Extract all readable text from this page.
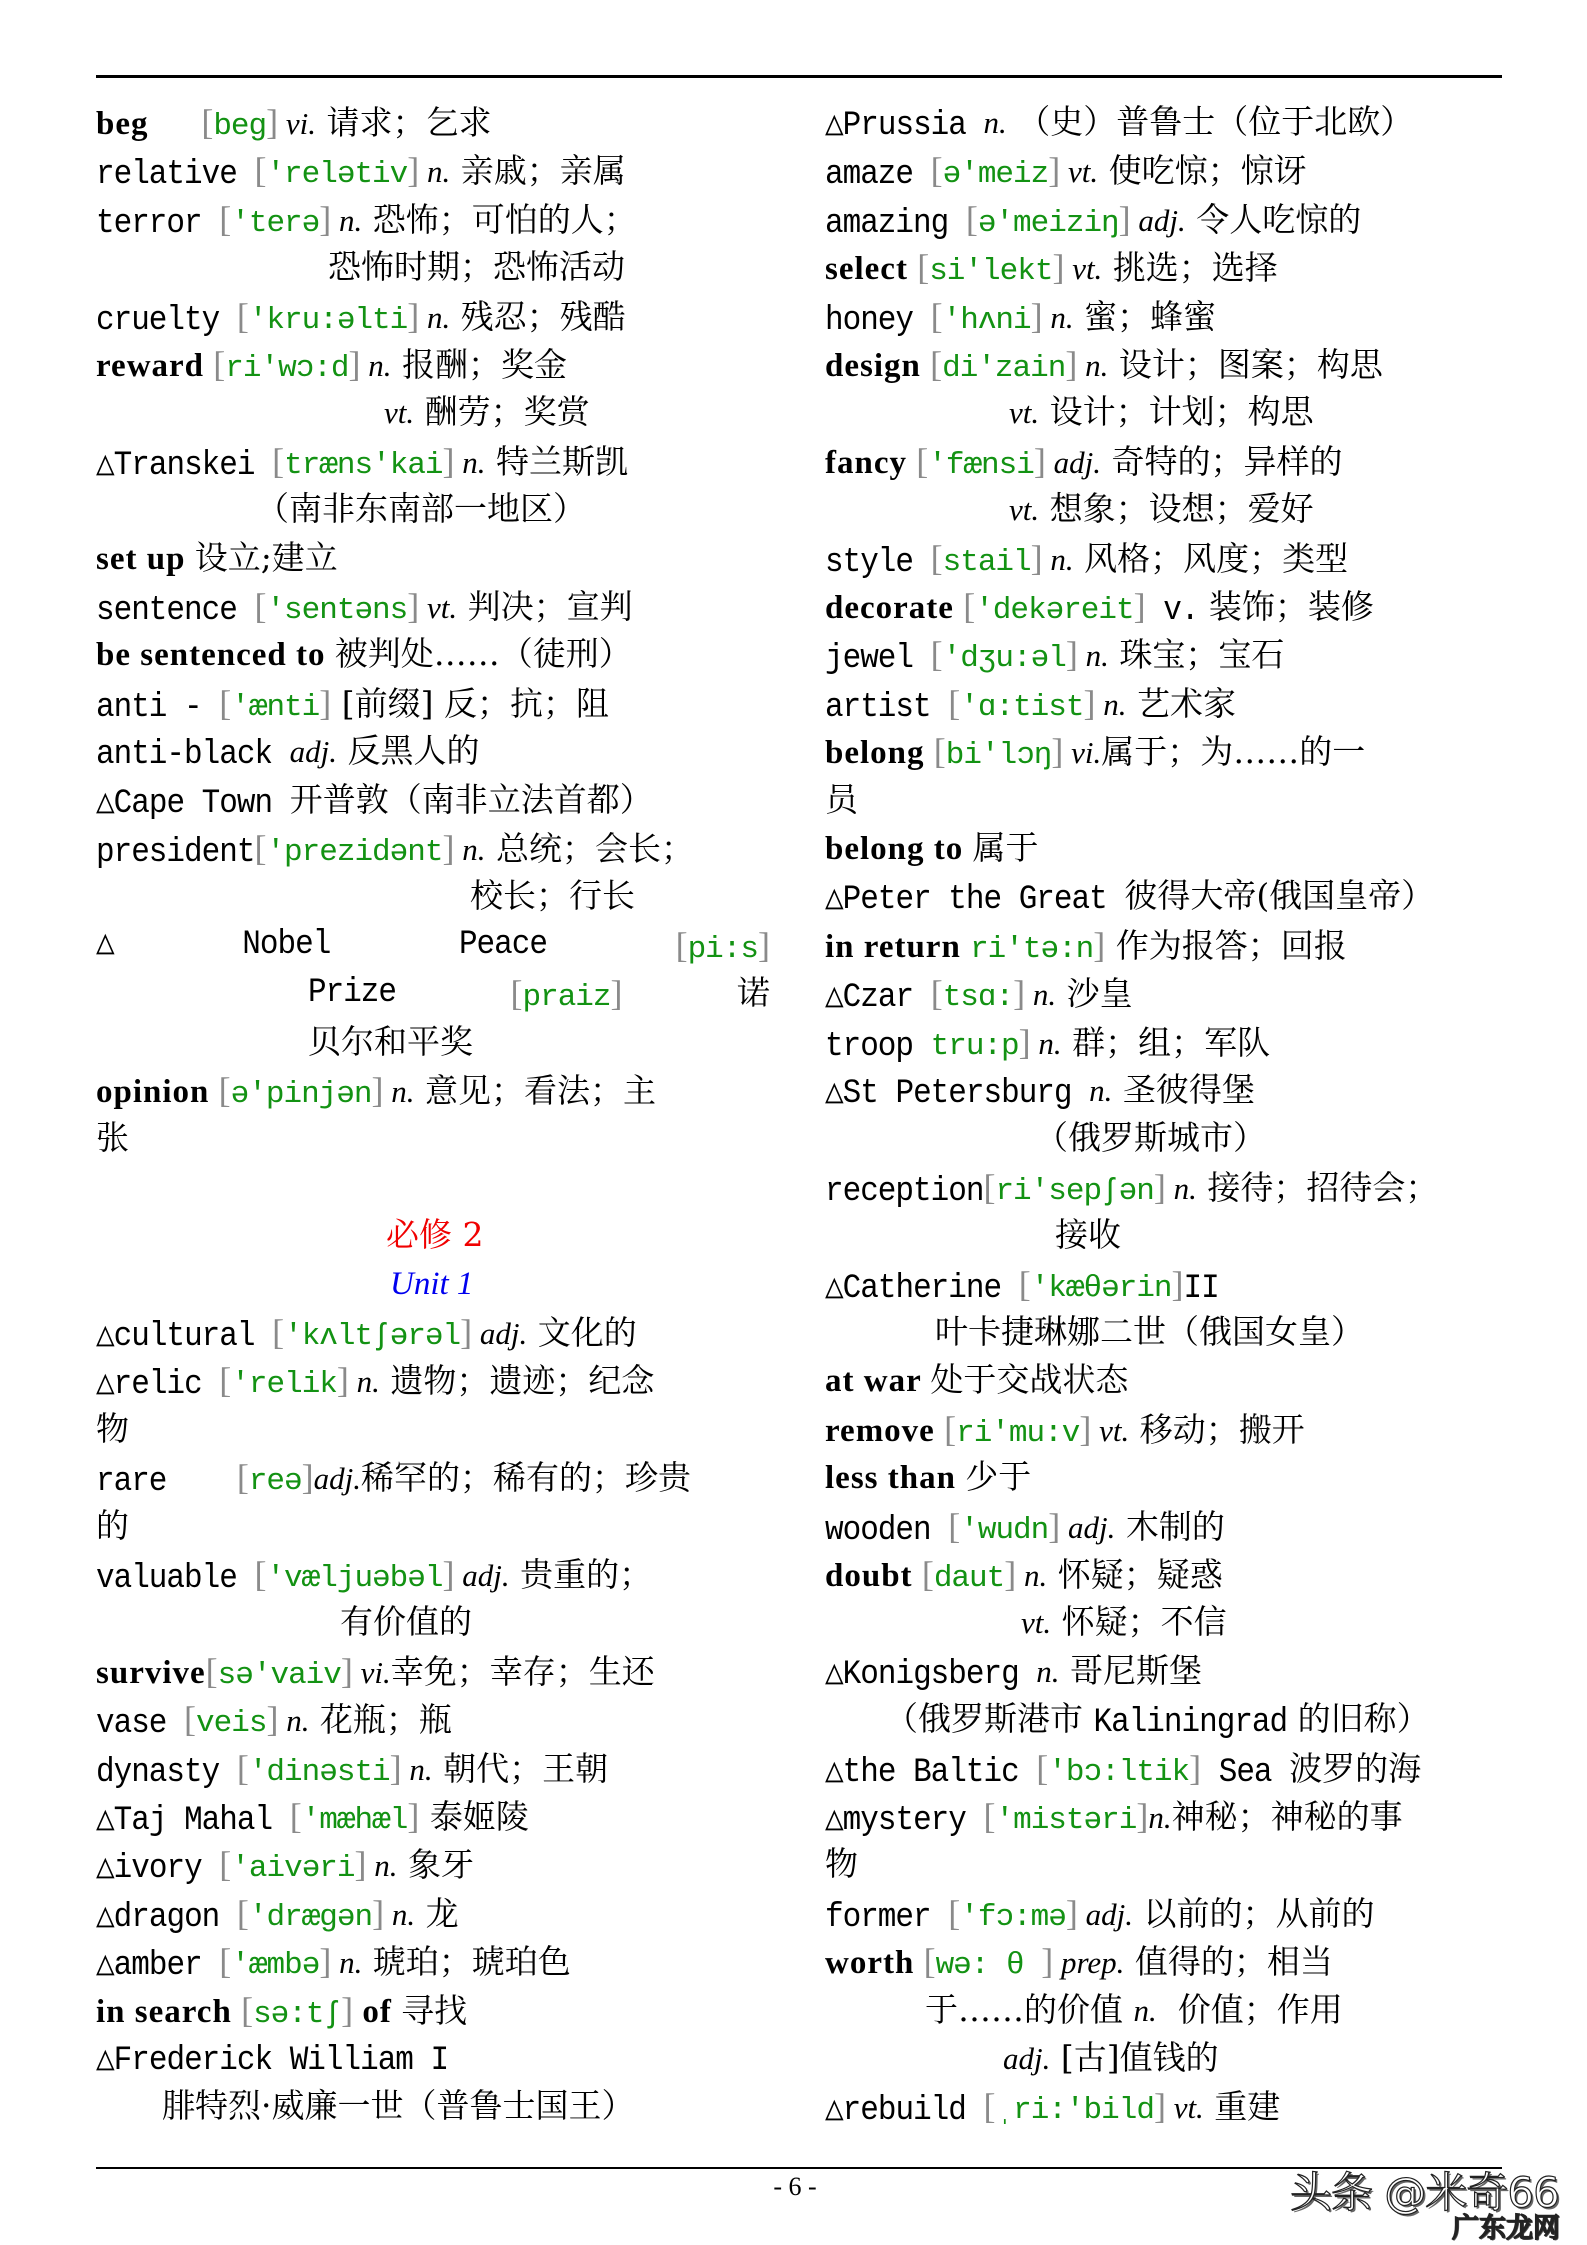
beg [beg] vi. 请求；乞求
relative ['relətiv] n. 亲戚；亲属
terror ['terə] n. 恐怖；可怕的人；
恐怖时期；恐怖活动
cruelty ['kru:əlti] n. 残忍；残酷
reward [ri'wɔ:d] n. 报酬；奖金
vt. 酬劳；奖赏
△Transkei [træns'kai] n. 特兰斯凯
（南非东南部一地区）
set up 设立;建立
sentence ['sentəns] vt. 判决；宣判
be sentenced to 被判处……（徒刑）
anti - ['ænti] [前缀] 反；抗；阻
anti-black adj. 反黑人的
△Cape Town 开普敦（南非立法首都）
president['prezidənt] n. 总统；会长；
校长；行长
△	Nobel	Peace	[pi:s]
Prize	[praiz]	诺
贝尔和平奖
opinion [ə'pinjən] n. 意见；看法；主
张
必修 2
Unit 1
△cultural ['kʌltʃərəl] adj. 文化的
△relic ['relik] n. 遗物；遗迹；纪念
物
rare    [reə]adj.稀罕的；稀有的；珍贵
的
valuable ['væljuəbəl] adj. 贵重的；
有价值的
survive[sə'vaiv] vi.幸免；幸存；生还
vase [veis] n. 花瓶；瓶
dynasty ['dinəsti] n. 朝代；王朝
△Taj Mahal ['mæhæl] 泰姬陵
△ivory ['aivəri] n. 象牙
△dragon ['drægən] n. 龙
△amber ['æmbə] n. 琥珀；琥珀色
in search [sə:tʃ] of 寻找
△Frederick William I
腓特烈·威廉一世（普鲁士国王）
△Prussia n. （史）普鲁士（位于北欧）
amaze [ə'meiz] vt. 使吃惊；惊讶
amazing [ə'meiziŋ] adj. 令人吃惊的
select [si'lekt] vt. 挑选；选择
honey ['hʌni] n. 蜜；蜂蜜
design [di'zain] n. 设计；图案；构思
vt. 设计；计划；构思
fancy ['fænsi] adj. 奇特的；异样的
vt. 想象；设想；爱好
style [stail] n. 风格；风度；类型
decorate ['dekəreit] v. 装饰；装修
jewel ['dʒu:əl] n. 珠宝；宝石
artist ['ɑ:tist] n. 艺术家
belong [bi'lɔŋ] vi.属于；为……的一
员
belong to 属于
△Peter the Great 彼得大帝(俄国皇帝）
in return ri'tə:n] 作为报答；回报
△Czar [tsɑ:] n. 沙皇
troop tru:p] n. 群；组；军队
△St Petersburg n. 圣彼得堡
（俄罗斯城市）
reception[ri'sepʃən] n. 接待；招待会；
接收
△Catherine ['kæθərin]II
叶卡捷琳娜二世（俄国女皇）
at war 处于交战状态
remove [ri'mu:v] vt. 移动；搬开
less than 少于
wooden ['wudn] adj. 木制的
doubt [daut] n. 怀疑；疑惑
vt. 怀疑；不信
△Konigsberg n. 哥尼斯堡
（俄罗斯港市 Kaliningrad 的旧称）
△the Baltic ['bɔ:ltik] Sea 波罗的海
△mystery ['mistəri]n.神秘；神秘的事
物
former ['fɔ:mə] adj. 以前的；从前的
worth [wə: θ ] prep. 值得的；相当
于……的价值 n.  价值；作用
adj. [古]值钱的
△rebuild [ˌri:'bild] vt. 重建
- 6 -	头条 @米奇66
广东龙网
